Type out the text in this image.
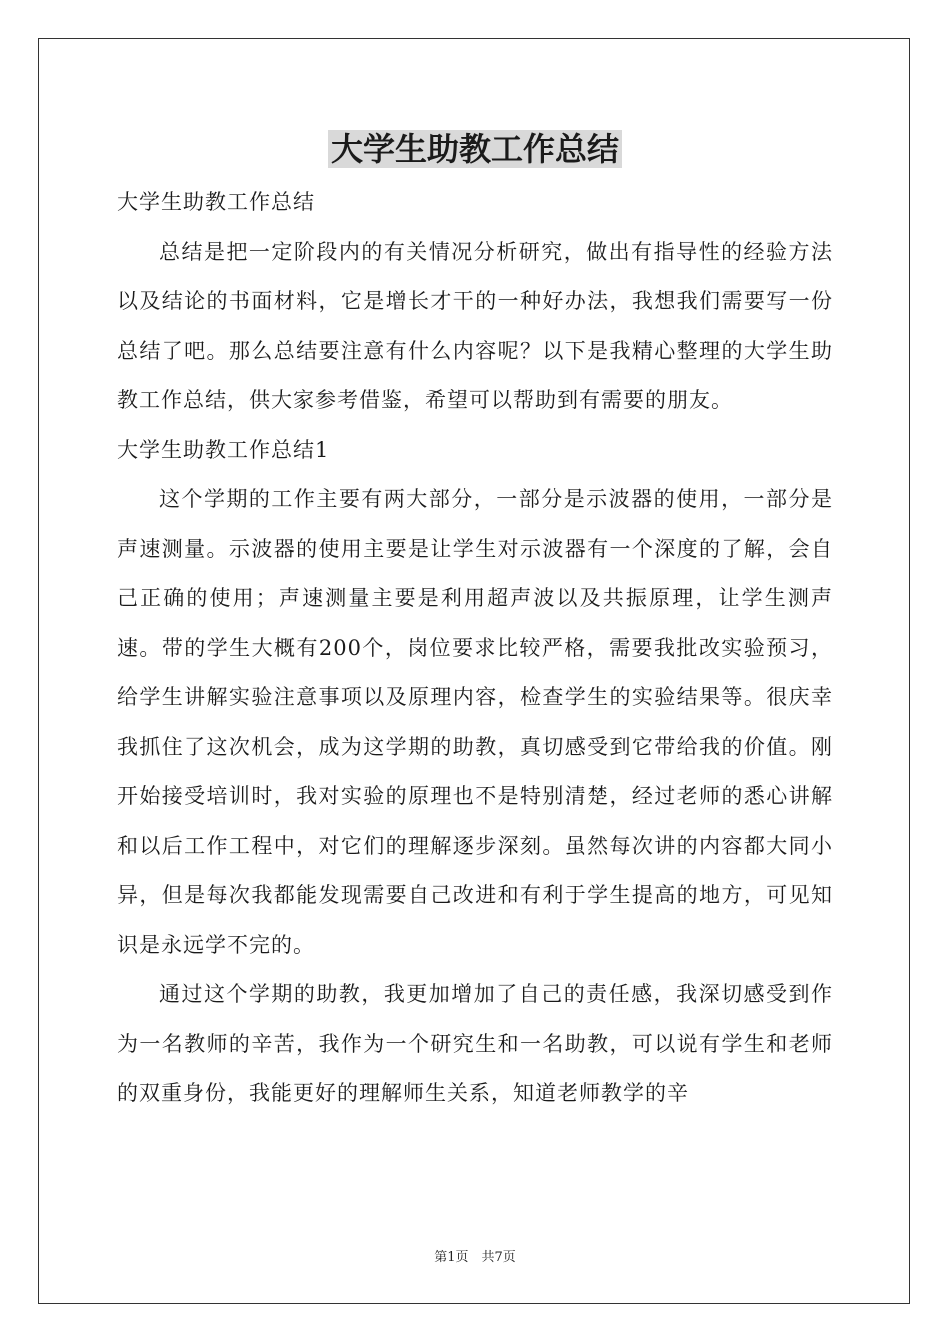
大学生助教工作总结

大学生助教工作总结

总结是把一定阶段内的有关情况分析研究，做出有指导性的经验方法以及结论的书面材料，它是增长才干的一种好办法，我想我们需要写一份总结了吧。那么总结要注意有什么内容呢？以下是我精心整理的大学生助教工作总结，供大家参考借鉴，希望可以帮助到有需要的朋友。

大学生助教工作总结1

这个学期的工作主要有两大部分，一部分是示波器的使用，一部分是声速测量。示波器的使用主要是让学生对示波器有一个深度的了解，会自己正确的使用；声速测量主要是利用超声波以及共振原理，让学生测声速。带的学生大概有200个，岗位要求比较严格，需要我批改实验预习，给学生讲解实验注意事项以及原理内容，检查学生的实验结果等。很庆幸我抓住了这次机会，成为这学期的助教，真切感受到它带给我的价值。刚开始接受培训时，我对实验的原理也不是特别清楚，经过老师的悉心讲解和以后工作工程中，对它们的理解逐步深刻。虽然每次讲的内容都大同小异，但是每次我都能发现需要自己改进和有利于学生提高的地方，可见知识是永远学不完的。

通过这个学期的助教，我更加增加了自己的责任感，我深切感受到作为一名教师的辛苦，我作为一个研究生和一名助教，可以说有学生和老师的双重身份，我能更好的理解师生关系，知道老师教学的辛

第1页　共7页
